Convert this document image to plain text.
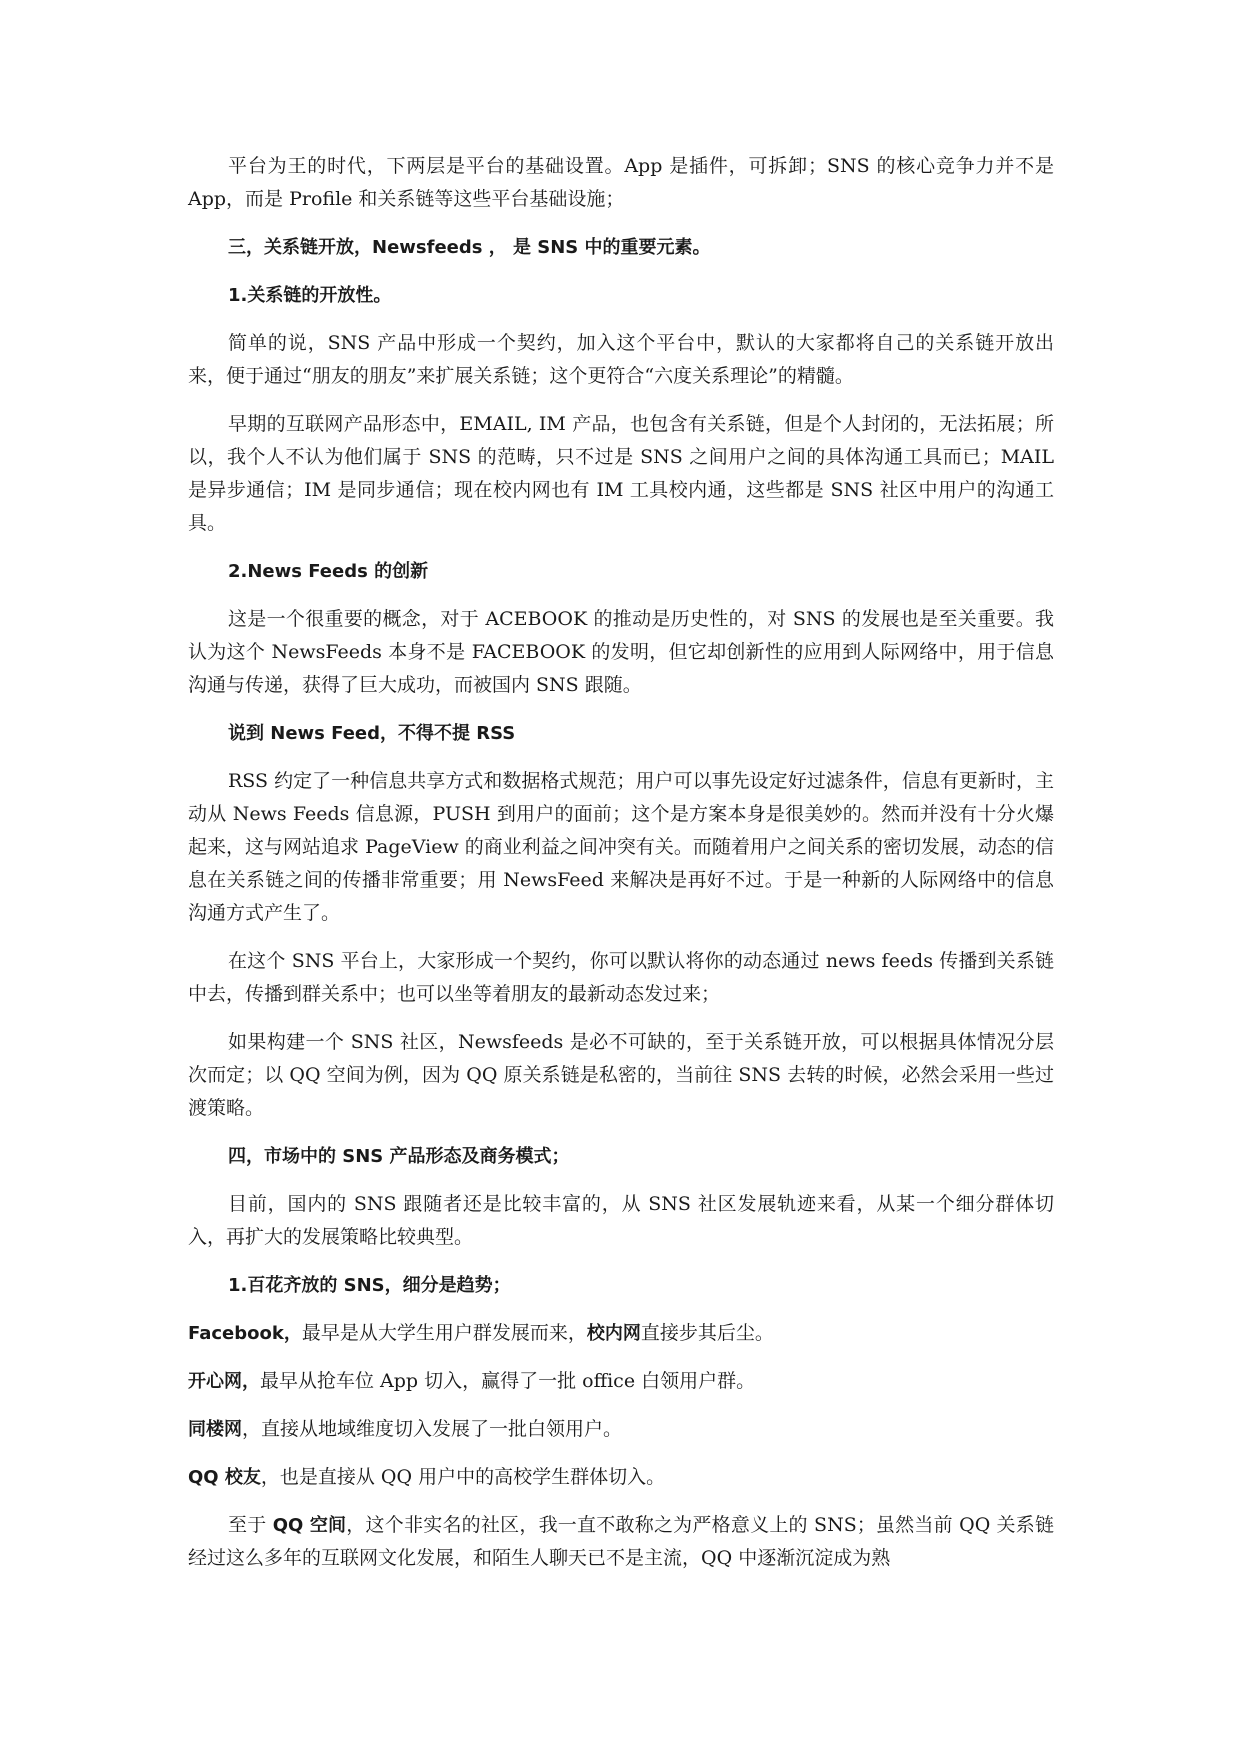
平台为王的时代，下两层是平台的基础设置。App 是插件，可拆卸；SNS 的核心竞争力并不是 App，而是 Profile 和关系链等这些平台基础设施；

三，关系链开放，Newsfeeds ， 是 SNS 中的重要元素。

1.关系链的开放性。

简单的说，SNS 产品中形成一个契约，加入这个平台中，默认的大家都将自己的关系链开放出来，便于通过“朋友的朋友”来扩展关系链；这个更符合“六度关系理论”的精髓。

早期的互联网产品形态中，EMAIL, IM 产品，也包含有关系链，但是个人封闭的，无法拓展；所以，我个人不认为他们属于 SNS 的范畴，只不过是 SNS 之间用户之间的具体沟通工具而已；MAIL 是异步通信；IM 是同步通信；现在校内网也有 IM 工具校内通，这些都是 SNS 社区中用户的沟通工具。

2.News Feeds 的创新

这是一个很重要的概念，对于 ACEBOOK 的推动是历史性的，对 SNS 的发展也是至关重要。我认为这个 NewsFeeds 本身不是 FACEBOOK 的发明，但它却创新性的应用到人际网络中，用于信息沟通与传递，获得了巨大成功，而被国内 SNS 跟随。

说到 News Feed，不得不提 RSS

RSS 约定了一种信息共享方式和数据格式规范；用户可以事先设定好过滤条件，信息有更新时，主动从 News Feeds 信息源，PUSH 到用户的面前；这个是方案本身是很美妙的。然而并没有十分火爆起来，这与网站追求 PageView 的商业利益之间冲突有关。而随着用户之间关系的密切发展，动态的信息在关系链之间的传播非常重要；用 NewsFeed 来解决是再好不过。于是一种新的人际网络中的信息沟通方式产生了。

在这个 SNS 平台上，大家形成一个契约，你可以默认将你的动态通过 news feeds 传播到关系链中去，传播到群关系中；也可以坐等着朋友的最新动态发过来；

如果构建一个 SNS 社区，Newsfeeds 是必不可缺的，至于关系链开放，可以根据具体情况分层次而定；以 QQ 空间为例，因为 QQ 原关系链是私密的，当前往 SNS 去转的时候，必然会采用一些过渡策略。

四，市场中的 SNS 产品形态及商务模式；

目前，国内的 SNS 跟随者还是比较丰富的，从 SNS 社区发展轨迹来看，从某一个细分群体切入，再扩大的发展策略比较典型。

1.百花齐放的 SNS，细分是趋势；

Facebook，最早是从大学生用户群发展而来，校内网直接步其后尘。

开心网，最早从抢车位 App 切入，赢得了一批 office 白领用户群。

同楼网，直接从地域维度切入发展了一批白领用户。

QQ 校友，也是直接从 QQ 用户中的高校学生群体切入。

至于 QQ 空间，这个非实名的社区，我一直不敢称之为严格意义上的 SNS；虽然当前 QQ 关系链经过这么多年的互联网文化发展，和陌生人聊天已不是主流，QQ 中逐渐沉淀成为熟
